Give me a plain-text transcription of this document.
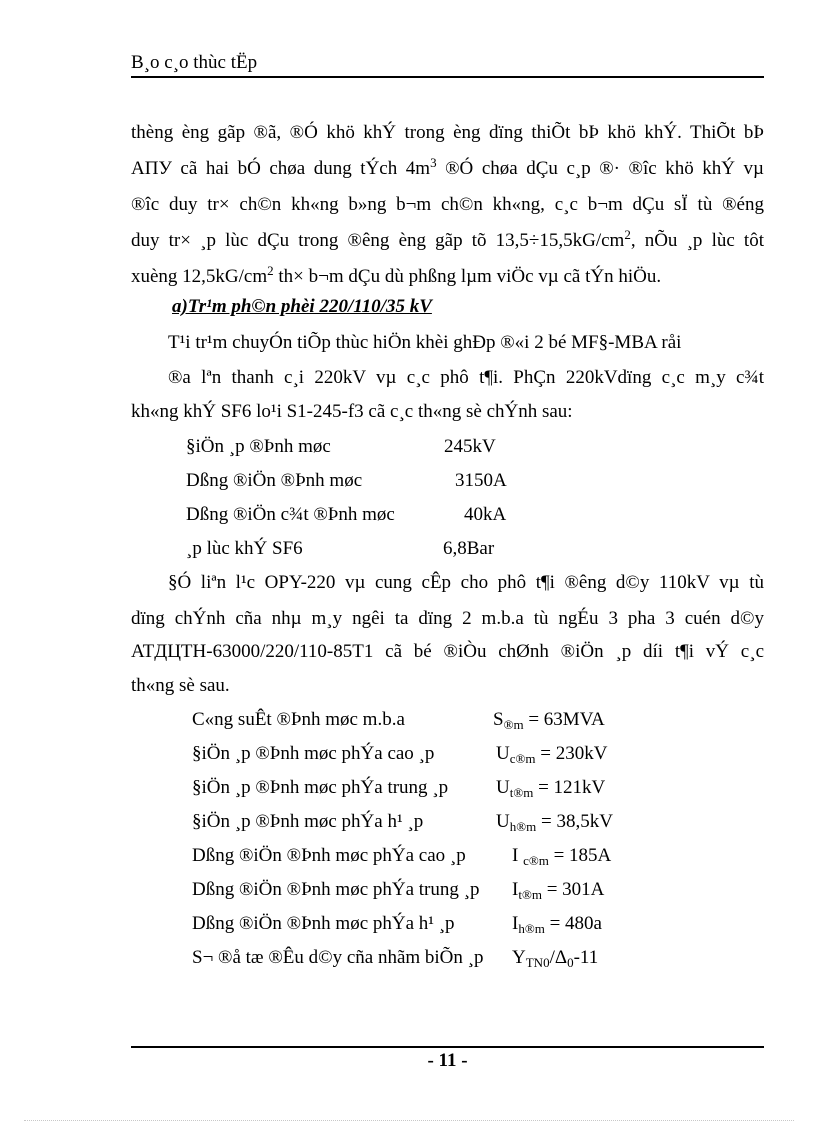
B¸o c¸o thùc tËp
thèng èng gãp ®ã, ®Ó khö khÝ trong èng dïng thiÕt bÞ khö khÝ. ThiÕt bÞ
ΑΠУ cã hai bÓ chøa dung tÝch $4m^3$ ®Ó chøa dÇu c¸p ®· ®îc khö khÝ vµ
®îc duy tr× ch©n kh«ng b»ng b¬m ch©n kh«ng, c¸c b¬m dÇu sÏ tù ®éng
duy tr× ¸p lùc dÇu trong ®êng èng gãp tõ $13,5\div 15,5kG/cm^2$, nÕu ¸p lùc tôt
xuèng $12,5kG/cm^2$ th× b¬m dÇu dù phßng lµm viÖc vµ cã tÝn hiÖu.
a)Tr¹m ph©n phèi 220/110/35 kV
T¹i tr¹m chuyÓn tiÕp thùc hiÖn khèi ghÐp ®«i 2 bé MF§-MBA råi
®a lªn thanh c¸i 220kV vµ c¸c phô t¶i. PhÇn 220kVdïng c¸c m¸y c¾t
kh«ng khÝ SF6 lo¹i S1-245-f3 cã c¸c th«ng sè chÝnh sau:
§iÖn ¸p ®Þnh møc	245kV
Dßng ®iÖn ®Þnh møc	3150A
Dßng ®iÖn c¾t ®Þnh møc	40kA
¸p lùc khÝ SF6	6,8Bar
§Ó liªn l¹c OPY-220 vµ cung cÊp cho phô t¶i ®êng d©y 110kV vµ tù
dïng chÝnh cña nhµ m¸y ngêi ta dïng 2 m.b.a tù ngÉu 3 pha 3 cuén d©y
ΑΤДЦΤΗ-63000/220/110-85Τ1 cã bé ®iÒu chØnh ®iÖn ¸p díi t¶i vÝ c¸c
th«ng sè sau.
C«ng suÊt ®Þnh møc m.b.a	$S_{®m} = 63MVA$
§iÖn ¸p ®Þnh møc phÝa cao ¸p	$U_{c®m} = 230kV$
§iÖn ¸p ®Þnh møc phÝa trung ¸p	$U_{t®m} = 121kV$
§iÖn ¸p ®Þnh møc phÝa h¹ ¸p	$U_{h®m} = 38,5kV$
Dßng ®iÖn ®Þnh møc phÝa cao ¸p I $_{c®m}$ = 185A
Dßng ®iÖn ®Þnh møc phÝa trung ¸p $I_{t®m} = 301A$
Dßng ®iÖn ®Þnh møc phÝa h¹ ¸p	$I_{h®m} = 480a$
S¬ ®å tæ ®Êu d©y cña nhãm biÕn ¸p $Y_{TN0}/\Delta_0-11$
- 11 -
